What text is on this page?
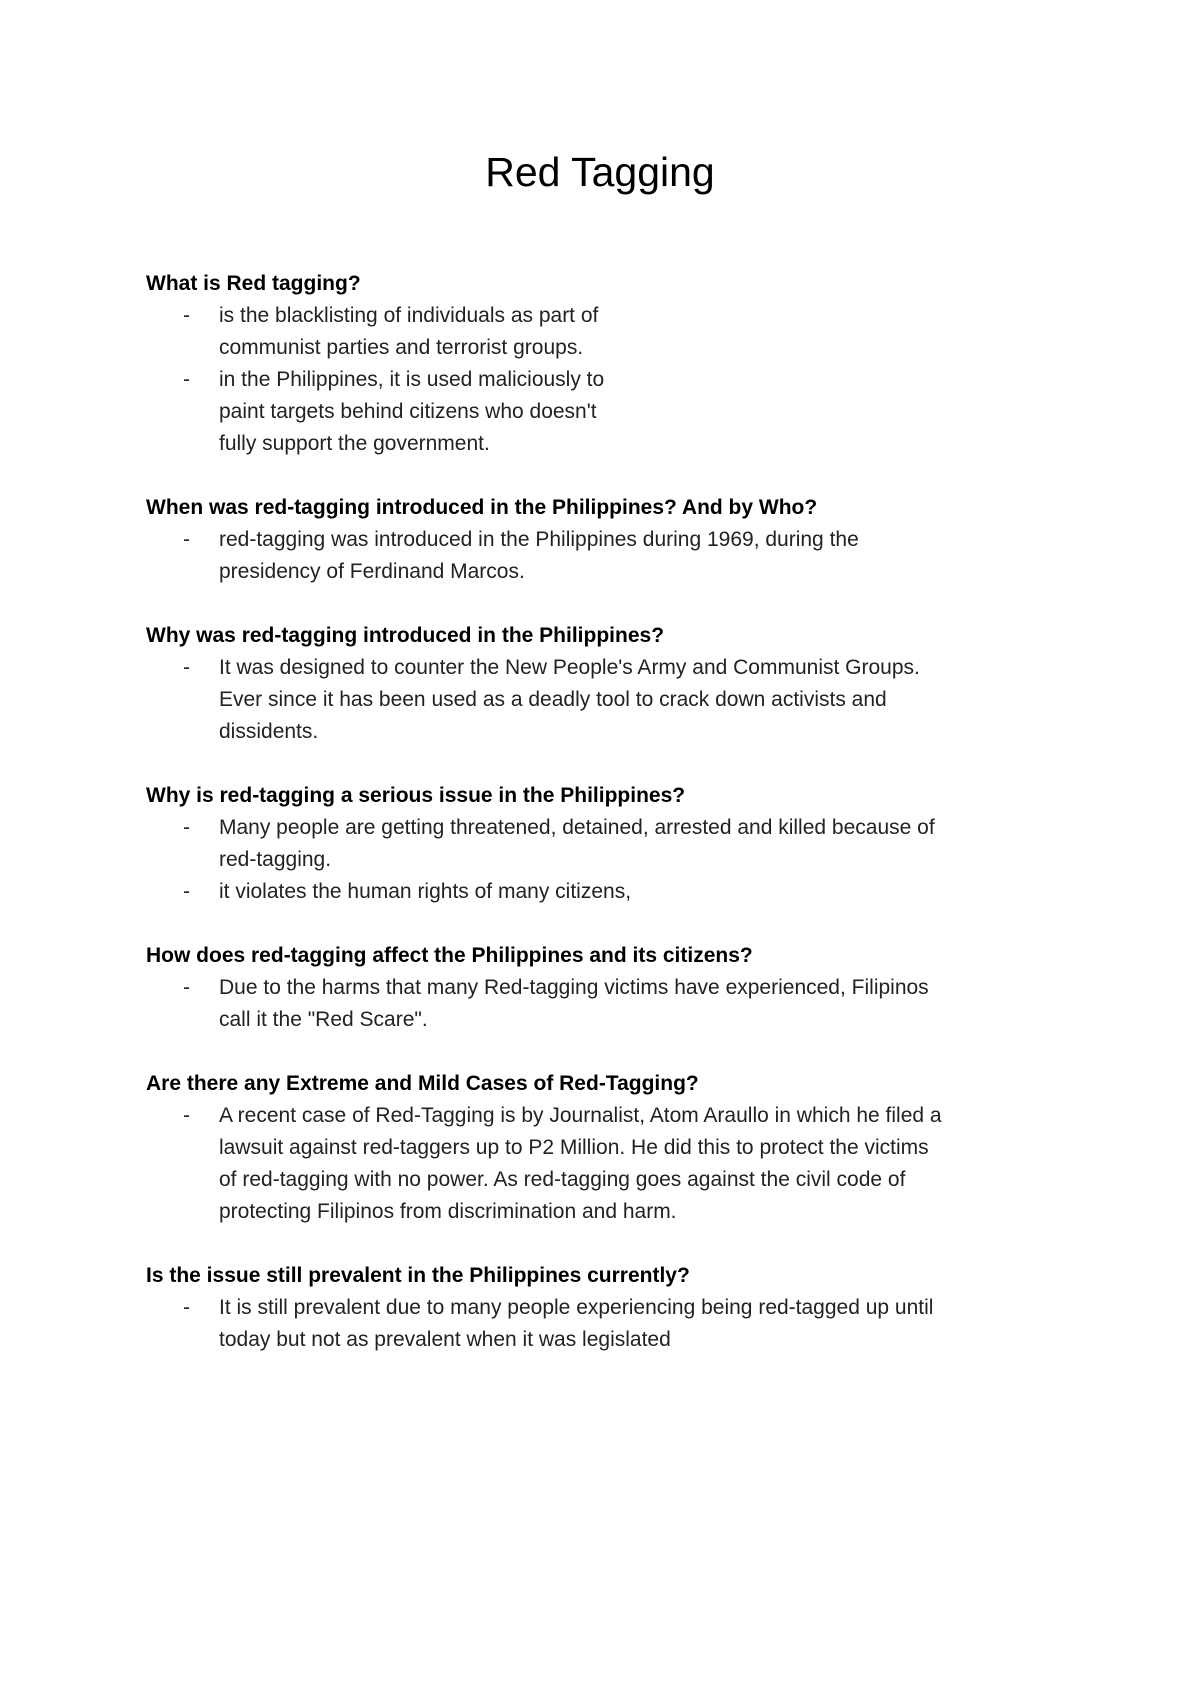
Red Tagging

What is Red tagging?

- is the blacklisting of individuals as part of
communist parties and terrorist groups.

- in the Philippines, it is used maliciously to
paint targets behind citizens who doesn't
fully support the government.

When was red-tagging introduced in the Philippines? And by Who?

- red-tagging was introduced in the Philippines during 1969, during the
presidency of Ferdinand Marcos.

Why was red-tagging introduced in the Philippines?

- It was designed to counter the New People's Army and Communist Groups.
Ever since it has been used as a deadly tool to crack down activists and
dissidents.

Why is red-tagging a serious issue in the Philippines?

- Many people are getting threatened, detained, arrested and killed because of
red-tagging.

- it violates the human rights of many citizens,

How does red-tagging affect the Philippines and its citizens?

- Due to the harms that many Red-tagging victims have experienced, Filipinos
call it the "Red Scare".

Are there any Extreme and Mild Cases of Red-Tagging?

- A recent case of Red-Tagging is by Journalist, Atom Araullo in which he filed a
lawsuit against red-taggers up to P2 Million. He did this to protect the victims
of red-tagging with no power. As red-tagging goes against the civil code of
protecting Filipinos from discrimination and harm.

Is the issue still prevalent in the Philippines currently?

- It is still prevalent due to many people experiencing being red-tagged up until
today but not as prevalent when it was legislated
